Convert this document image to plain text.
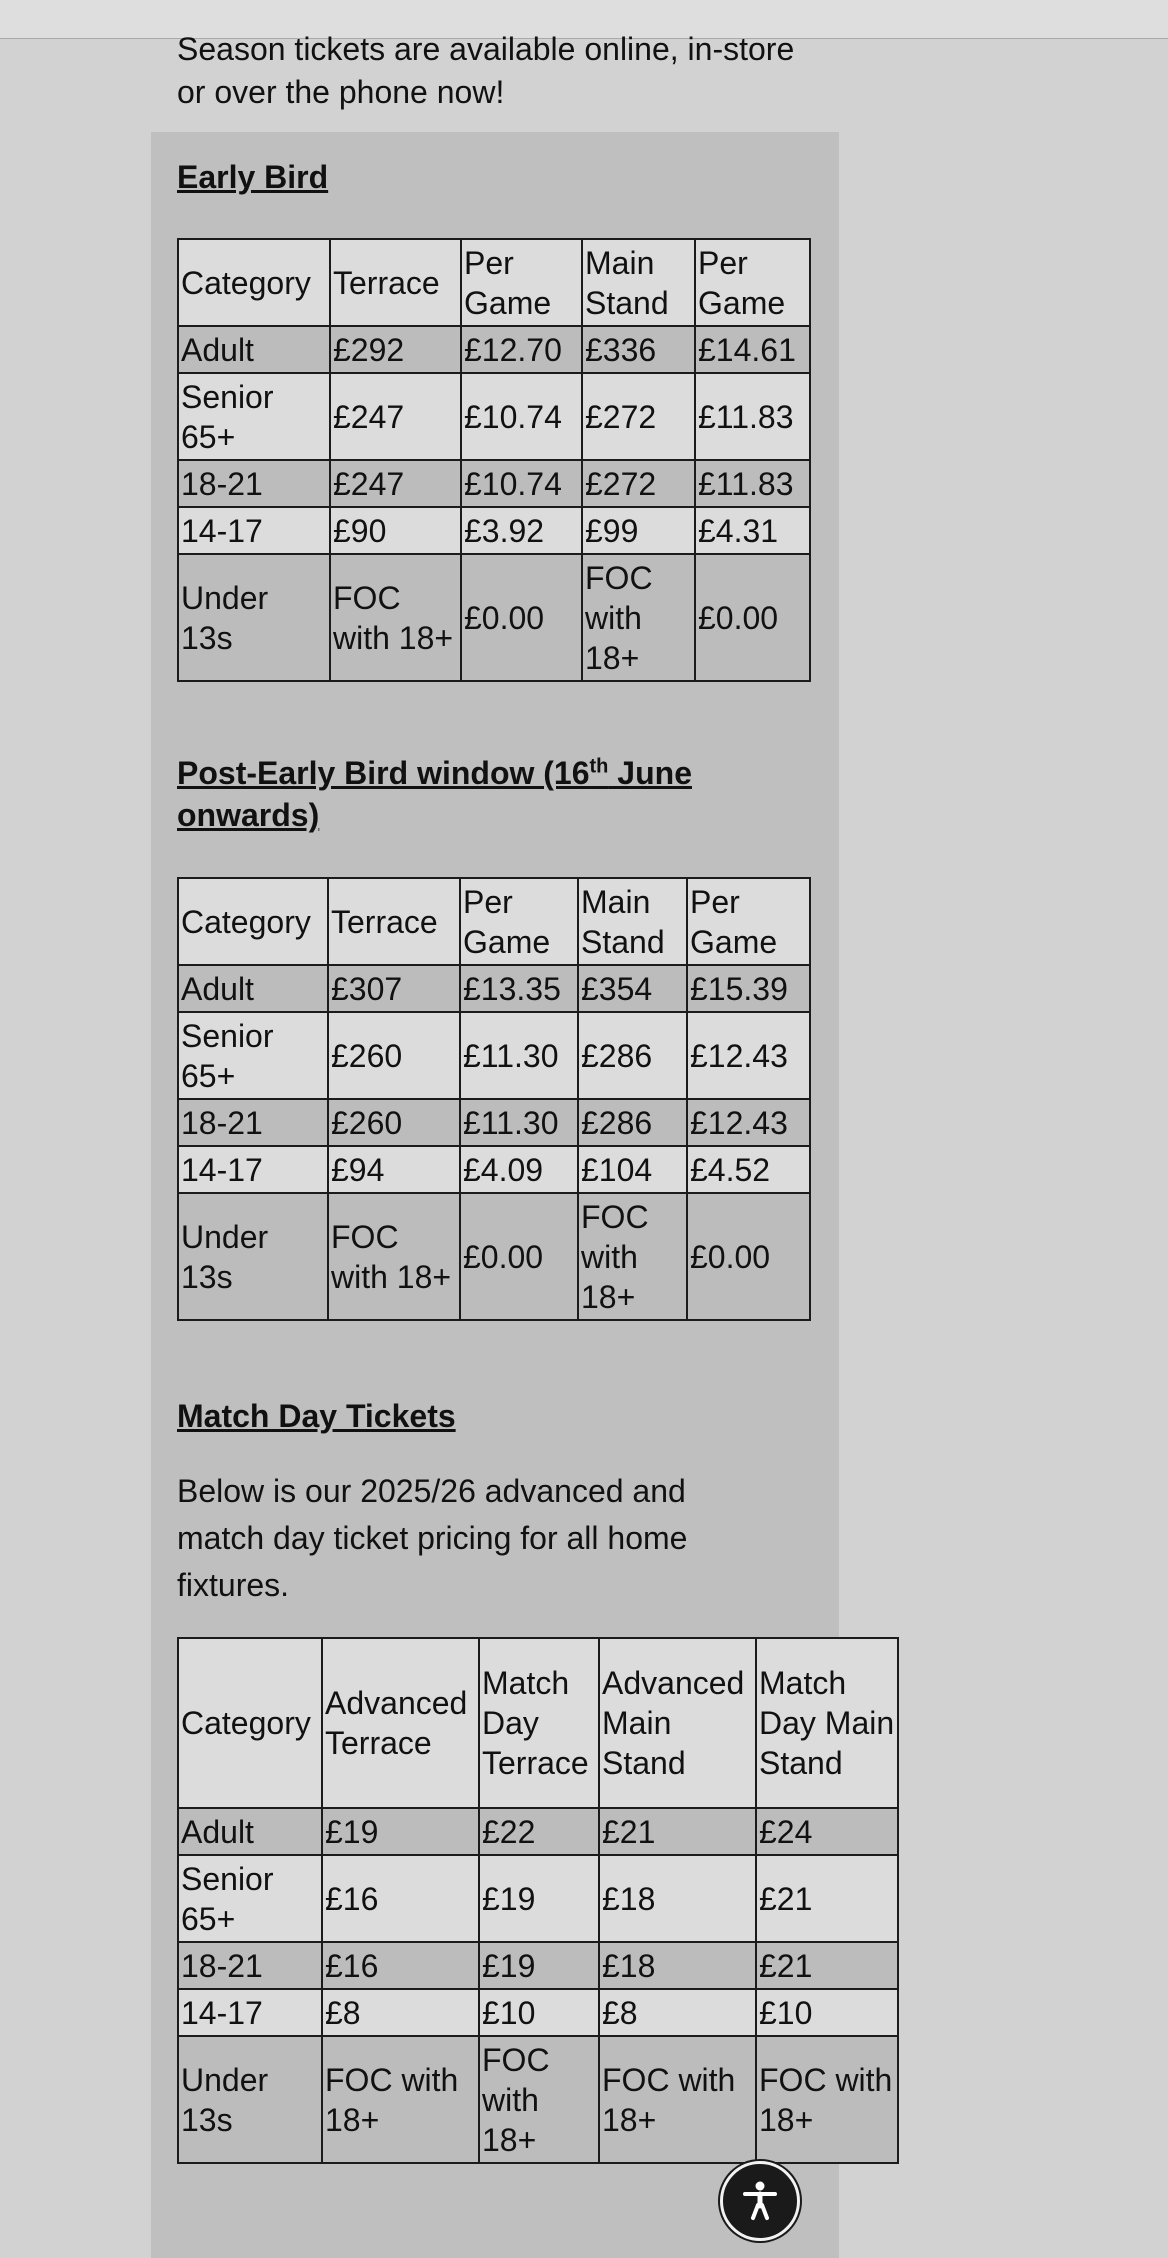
Season tickets are available online, in-store or over the phone now!

Early Bird
Category	Terrace	Per Game	Main Stand	Per Game
Adult	£292	£12.70	£336	£14.61
Senior 65+	£247	£10.74	£272	£11.83
18-21	£247	£10.74	£272	£11.83
14-17	£90	£3.92	£99	£4.31
Under 13s	FOC with 18+	£0.00	FOC with 18+	£0.00
Post-Early Bird window (16th June onwards)
Category	Terrace	Per Game	Main Stand	Per Game
Adult	£307	£13.35	£354	£15.39
Senior 65+	£260	£11.30	£286	£12.43
18-21	£260	£11.30	£286	£12.43
14-17	£94	£4.09	£104	£4.52
Under 13s	FOC with 18+	£0.00	FOC with 18+	£0.00
Match Day Tickets

Below is our 2025/26 advanced and match day ticket pricing for all home fixtures.

Category	Advanced Terrace	Match Day Terrace	Advanced Main Stand	Match Day Main Stand
Adult	£19	£22	£21	£24
Senior 65+	£16	£19	£18	£21
18-21	£16	£19	£18	£21
14-17	£8	£10	£8	£10
Under 13s	FOC with 18+	FOC with 18+	FOC with 18+	FOC with 18+
